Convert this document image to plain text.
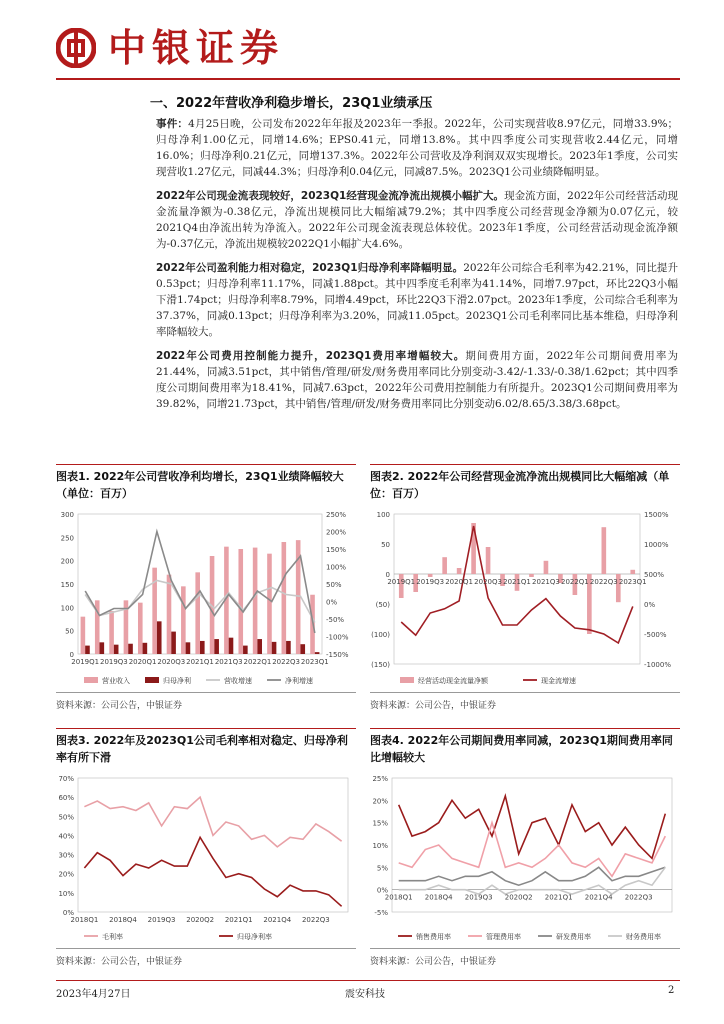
中银证券
一、2022年营收净利稳步增长，23Q1业绩承压

事件：4月25日晚，公司发布2022年年报及2023年一季报。2022年，公司实现营收8.97亿元，同增33.9%；归母净利1.00亿元，同增14.6%；EPS0.41元，同增13.8%。其中四季度公司实现营收2.44亿元，同增16.0%；归母净利0.21亿元，同增137.3%。2022年公司营收及净利润双双实现增长。2023年1季度，公司实现营收1.27亿元，同减44.3%；归母净利0.04亿元，同减87.5%。2023Q1公司业绩降幅明显。

2022年公司现金流表现较好，2023Q1经营现金流净流出规模小幅扩大。现金流方面，2022年公司经营活动现金流量净额为-0.38亿元，净流出规模同比大幅缩减79.2%；其中四季度公司经营现金净额为0.07亿元，较2021Q4由净流出转为净流入。2022年公司现金流表现总体较优。2023年1季度，公司经营活动现金流净额为-0.37亿元，净流出规模较2022Q1小幅扩大4.6%。

2022年公司盈利能力相对稳定，2023Q1归母净利率降幅明显。2022年公司综合毛利率为42.21%，同比提升0.53pct；归母净利率11.17%，同减1.88pct。其中四季度毛利率为41.14%，同增7.97pct，环比22Q3小幅下滑1.74pct；归母净利率8.79%，同增4.49pct，环比22Q3下滑2.07pct。2023年1季度，公司综合毛利率为37.37%，同减0.13pct；归母净利率为3.20%，同减11.05pct。2023Q1公司毛利率同比基本维稳，归母净利率降幅较大。

2022年公司费用控制能力提升，2023Q1费用率增幅较大。期间费用方面，2022年公司期间费用率为21.44%，同减3.51pct，其中销售/管理/研发/财务费用率同比分别变动-3.42/-1.33/-0.38/1.62pct；其中四季度公司期间费用率为18.41%，同减7.63pct，2022年公司费用控制能力有所提升。2023Q1公司期间费用率为39.82%，同增21.73pct，其中销售/管理/研发/财务费用率同比分别变动6.02/8.65/3.38/3.68pct。

图表1. 2022年公司营收净利均增长，23Q1业绩降幅较大（单位：百万）
0
50
100
150
200
250
300
-150%
-100%
-50%
0%
50%
100%
150%
200%
250%
2019Q1 2019Q3 2020Q1 2020Q3 2021Q1 2021Q3 2022Q1 2022Q3 2023Q1
营业收入	归母净利	营收增速	净利增速
资料来源：公司公告，中银证券
图表2. 2022年公司经营现金流净流出规模同比大幅缩减（单位：百万）
(150)
(100)
(50)
0
50
100
-1000%
-500%
0%
500%
1000%
1500%
2019Q1 2019Q3 2020Q1 2020Q3 2021Q1 2021Q3 2022Q1 2022Q3 2023Q1
经营活动现金流量净额	现金流增速
资料来源：公司公告，中银证券
图表3. 2022年及2023Q1公司毛利率相对稳定、归母净利率有所下滑
0%
10%
20%
30%
40%
50%
60%
70%
2018Q1 2018Q4 2019Q3 2020Q2 2021Q1 2021Q4 2022Q3
毛利率	归母净利率
资料来源：公司公告，中银证券
图表4. 2022年公司期间费用率同减，2023Q1期间费用率同比增幅较大
-5%
0%
5%
10%
15%
20%
25%
2018Q1 2018Q4 2019Q3 2020Q2 2021Q1 2021Q4 2022Q3
销售费用率	管理费用率	研发费用率	财务费用率
资料来源：公司公告，中银证券
2023年4月27日	震安科技	2
